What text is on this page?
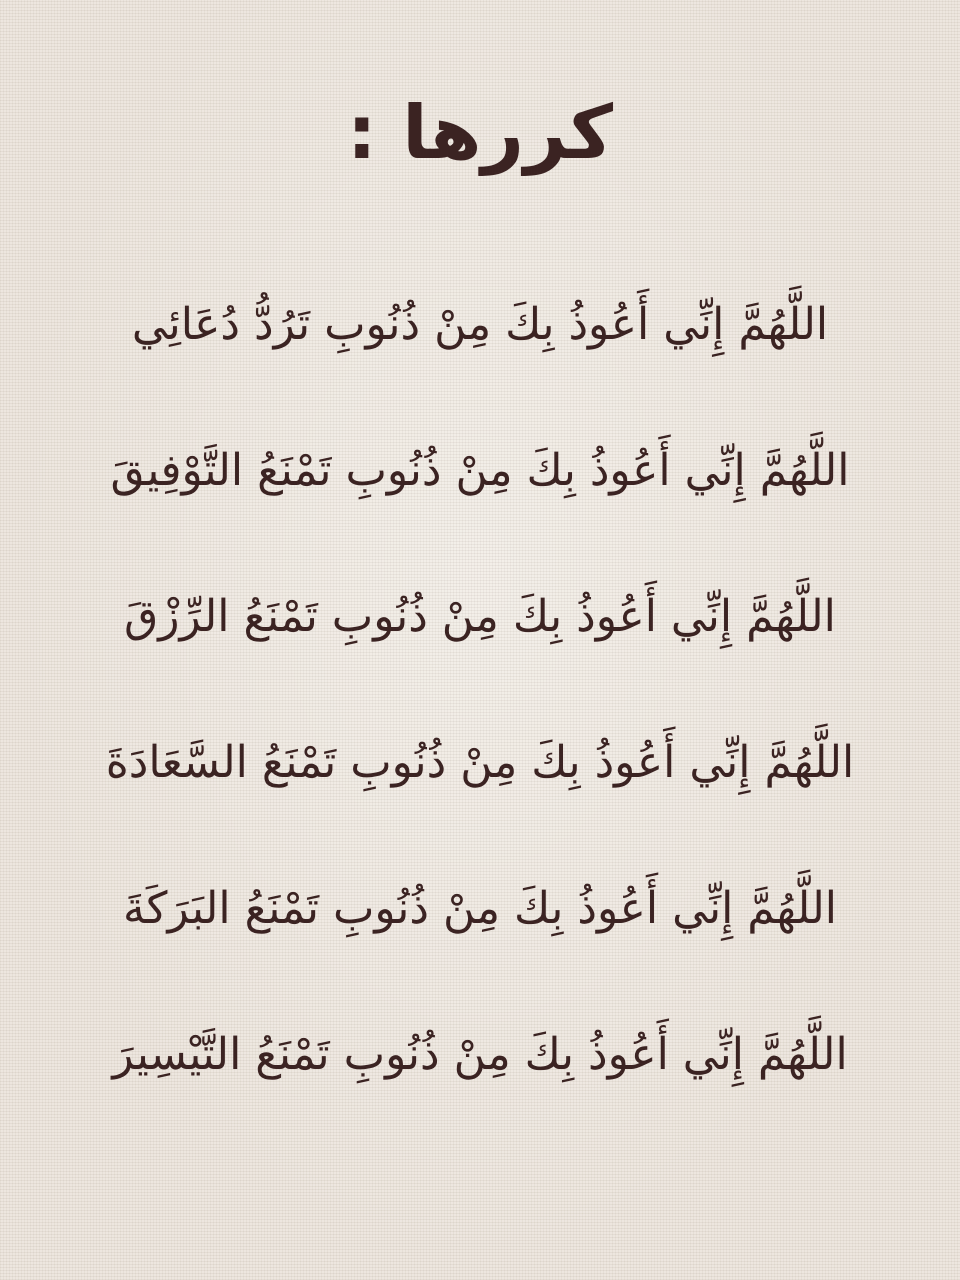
كررها :
اللَّهُمَّ إِنِّي أَعُوذُ بِكَ مِنْ ذُنُوبِ تَرُدُّ دُعَائِي
اللَّهُمَّ إِنِّي أَعُوذُ بِكَ مِنْ ذُنُوبِ تَمْنَعُ التَّوْفِيقَ
اللَّهُمَّ إِنِّي أَعُوذُ بِكَ مِنْ ذُنُوبِ تَمْنَعُ الرِّزْقَ
اللَّهُمَّ إِنِّي أَعُوذُ بِكَ مِنْ ذُنُوبِ تَمْنَعُ السَّعَادَةَ
اللَّهُمَّ إِنِّي أَعُوذُ بِكَ مِنْ ذُنُوبِ تَمْنَعُ البَرَكَةَ
اللَّهُمَّ إِنِّي أَعُوذُ بِكَ مِنْ ذُنُوبِ تَمْنَعُ التَّيْسِيرَ
